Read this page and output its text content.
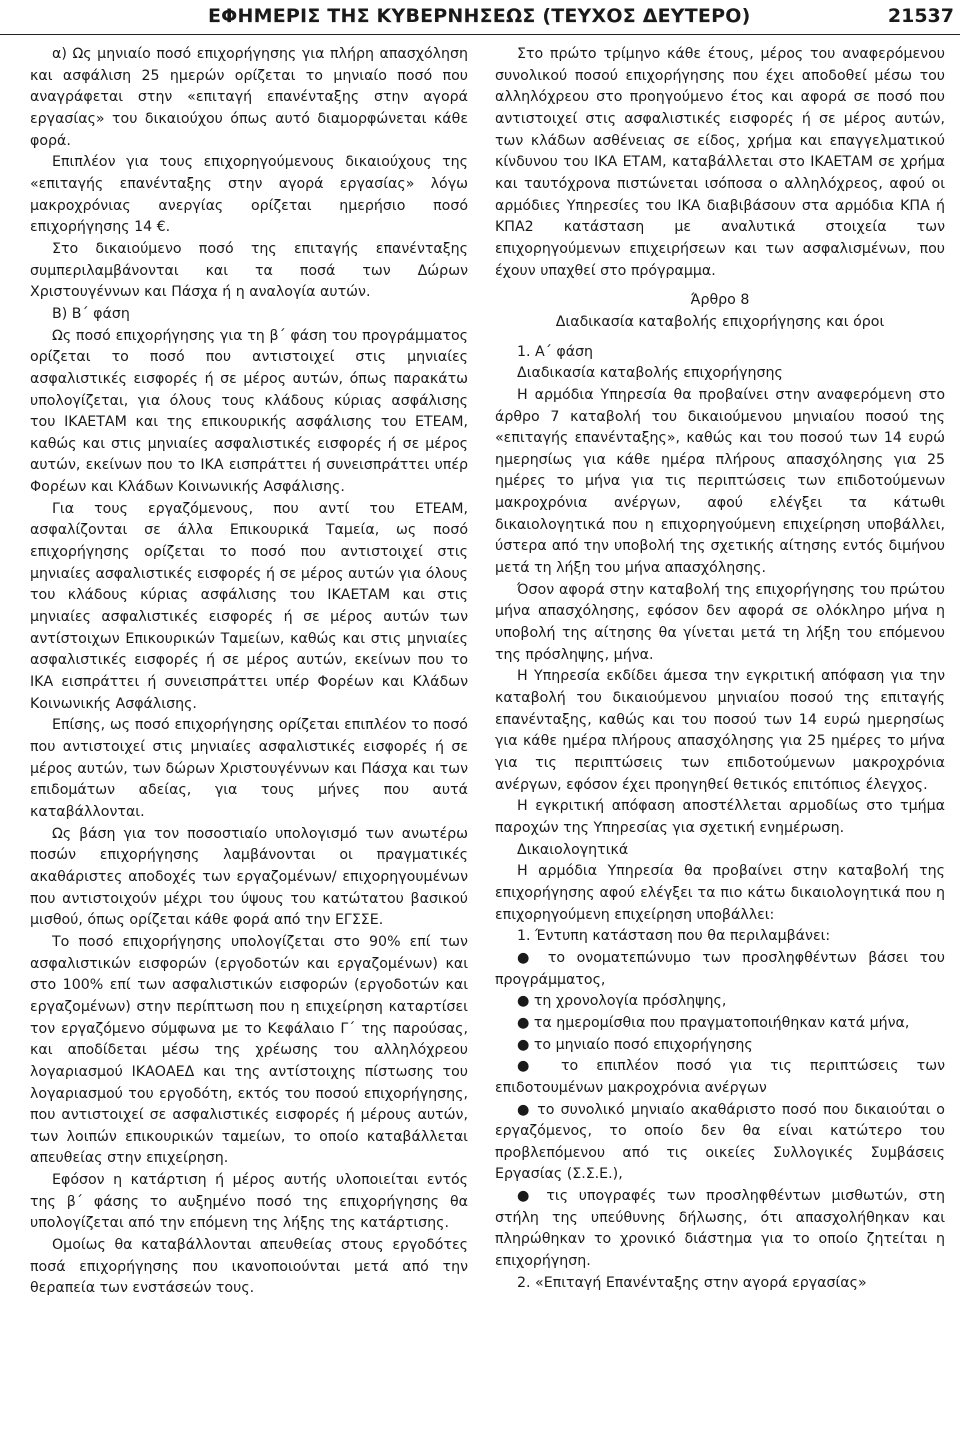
ΕΦΗΜΕΡΙΣ ΤΗΣ ΚΥΒΕΡΝΗΣΕΩΣ (ΤΕΥΧΟΣ ΔΕΥΤΕΡΟ)	21537

α) Ως μηνιαίο ποσό επιχορήγησης για πλήρη απασχόληση και ασφάλιση 25 ημερών ορίζεται το μηνιαίο ποσό που αναγράφεται στην «επιταγή επανένταξης στην αγορά εργασίας» του δικαιούχου όπως αυτό διαμορφώνεται κάθε φορά.

Επιπλέον για τους επιχορηγούμενους δικαιούχους της «επιταγής επανένταξης στην αγορά εργασίας» λόγω μακροχρόνιας ανεργίας ορίζεται ημερήσιο ποσό επιχορήγησης 14 €.

Στο δικαιούμενο ποσό της επιταγής επανένταξης συμπεριλαμβάνονται και τα ποσά των Δώρων Χριστουγέννων και Πάσχα ή η αναλογία αυτών.

Β) Β΄ φάση

Ως ποσό επιχορήγησης για τη β΄ φάση του προγράμματος ορίζεται το ποσό που αντιστοιχεί στις μηνιαίες ασφαλιστικές εισφορές ή σε μέρος αυτών, όπως παρακάτω υπολογίζεται, για όλους τους κλάδους κύριας ασφάλισης του ΙΚΑΕΤΑΜ και της επικουρικής ασφάλισης του ΕΤΕΑΜ, καθώς και στις μηνιαίες ασφαλιστικές εισφορές ή σε μέρος αυτών, εκείνων που το ΙΚΑ εισπράττει ή συνεισπράττει υπέρ Φορέων και Κλάδων Κοινωνικής Ασφάλισης.

Για τους εργαζόμενους, που αντί του ΕΤΕΑΜ, ασφαλίζονται σε άλλα Επικουρικά Ταμεία, ως ποσό επιχορήγησης ορίζεται το ποσό που αντιστοιχεί στις μηνιαίες ασφαλιστικές εισφορές ή σε μέρος αυτών για όλους του κλάδους κύριας ασφάλισης του ΙΚΑΕΤΑΜ και στις μηνιαίες ασφαλιστικές εισφορές ή σε μέρος αυτών των αντίστοιχων Επικουρικών Ταμείων, καθώς και στις μηνιαίες ασφαλιστικές εισφορές ή σε μέρος αυτών, εκείνων που το ΙΚΑ εισπράττει ή συνεισπράττει υπέρ Φορέων και Κλάδων Κοινωνικής Ασφάλισης.

Επίσης, ως ποσό επιχορήγησης ορίζεται επιπλέον το ποσό που αντιστοιχεί στις μηνιαίες ασφαλιστικές εισφορές ή σε μέρος αυτών, των δώρων Χριστουγέννων και Πάσχα και των επιδομάτων αδείας, για τους μήνες που αυτά καταβάλλονται.

Ως βάση για τον ποσοστιαίο υπολογισμό των ανωτέρω ποσών επιχορήγησης λαμβάνονται οι πραγματικές ακαθάριστες αποδοχές των εργαζομένων/ επιχορηγουμένων που αντιστοιχούν μέχρι του ύψους του κατώτατου βασικού μισθού, όπως ορίζεται κάθε φορά από την ΕΓΣΣΕ.

Το ποσό επιχορήγησης υπολογίζεται στο 90% επί των ασφαλιστικών εισφορών (εργοδοτών και εργαζομένων) και στο 100% επί των ασφαλιστικών εισφορών (εργοδοτών και εργαζομένων) στην περίπτωση που η επιχείρηση καταρτίσει τον εργαζόμενο σύμφωνα με το Κεφάλαιο Γ΄ της παρούσας, και αποδίδεται μέσω της χρέωσης του αλληλόχρεου λογαριασμού ΙΚΑΟΑΕΔ και της αντίστοιχης πίστωσης του λογαριασμού του εργοδότη, εκτός του ποσού επιχορήγησης, που αντιστοιχεί σε ασφαλιστικές εισφορές ή μέρους αυτών, των λοιπών επικουρικών ταμείων, το οποίο καταβάλλεται απευθείας στην επιχείρηση.

Εφόσον η κατάρτιση ή μέρος αυτής υλοποιείται εντός της β΄ φάσης το αυξημένο ποσό της επιχορήγησης θα υπολογίζεται από την επόμενη της λήξης της κατάρτισης.

Ομοίως θα καταβάλλονται απευθείας στους εργοδότες ποσά επιχορήγησης που ικανοποιούνται μετά από την θεραπεία των ενστάσεών τους.

Στο πρώτο τρίμηνο κάθε έτους, μέρος του αναφερόμενου συνολικού ποσού επιχορήγησης που έχει αποδοθεί μέσω του αλληλόχρεου στο προηγούμενο έτος και αφορά σε ποσό που αντιστοιχεί στις ασφαλιστικές εισφορές ή σε μέρος αυτών, των κλάδων ασθένειας σε είδος, χρήμα και επαγγελματικού κίνδυνου του ΙΚΑ ΕΤΑΜ, καταβάλλεται στο ΙΚΑΕΤΑΜ σε χρήμα και ταυτόχρονα πιστώνεται ισόποσα ο αλληλόχρεος, αφού οι αρμόδιες Υπηρεσίες του ΙΚΑ διαβιβάσουν στα αρμόδια ΚΠΑ ή ΚΠΑ2 κατάσταση με αναλυτικά στοιχεία των επιχορηγούμενων επιχειρήσεων και των ασφαλισμένων, που έχουν υπαχθεί στο πρόγραμμα.

Άρθρο 8

Διαδικασία καταβολής επιχορήγησης και όροι

1. Α΄ φάση

Διαδικασία καταβολής επιχορήγησης

Η αρμόδια Υπηρεσία θα προβαίνει στην αναφερόμενη στο άρθρο 7 καταβολή του δικαιούμενου μηνιαίου ποσού της «επιταγής επανένταξης», καθώς και του ποσού των 14 ευρώ ημερησίως για κάθε ημέρα πλήρους απασχόλησης για 25 ημέρες το μήνα για τις περιπτώσεις των επιδοτούμενων μακροχρόνια ανέργων, αφού ελέγξει τα κάτωθι δικαιολογητικά που η επιχορηγούμενη επιχείρηση υποβάλλει, ύστερα από την υποβολή της σχετικής αίτησης εντός διμήνου μετά τη λήξη του μήνα απασχόλησης.

Όσον αφορά στην καταβολή της επιχορήγησης του πρώτου μήνα απασχόλησης, εφόσον δεν αφορά σε ολόκληρο μήνα η υποβολή της αίτησης θα γίνεται μετά τη λήξη του επόμενου της πρόσληψης, μήνα.

Η Υπηρεσία εκδίδει άμεσα την εγκριτική απόφαση για την καταβολή του δικαιούμενου μηνιαίου ποσού της επιταγής επανένταξης, καθώς και του ποσού των 14 ευρώ ημερησίως για κάθε ημέρα πλήρους απασχόλησης για 25 ημέρες το μήνα για τις περιπτώσεις των επιδοτούμενων μακροχρόνια ανέργων, εφόσον έχει προηγηθεί θετικός επιτόπιος έλεγχος.

Η εγκριτική απόφαση αποστέλλεται αρμοδίως στο τμήμα παροχών της Υπηρεσίας για σχετική ενημέρωση.

Δικαιολογητικά

Η αρμόδια Υπηρεσία θα προβαίνει στην καταβολή της επιχορήγησης αφού ελέγξει τα πιο κάτω δικαιολογητικά που η επιχορηγούμενη επιχείρηση υποβάλλει:

1. Έντυπη κατάσταση που θα περιλαμβάνει:

● το ονοματεπώνυμο των προσληφθέντων βάσει του προγράμματος,

● τη χρονολογία πρόσληψης,

● τα ημερομίσθια που πραγματοποιήθηκαν κατά μήνα,

● το μηνιαίο ποσό επιχορήγησης

● το επιπλέον ποσό για τις περιπτώσεις των επιδοτουμένων μακροχρόνια ανέργων

● το συνολικό μηνιαίο ακαθάριστο ποσό που δικαιούται ο εργαζόμενος, το οποίο δεν θα είναι κατώτερο του προβλεπόμενου από τις οικείες Συλλογικές Συμβάσεις Εργασίας (Σ.Σ.Ε.),

● τις υπογραφές των προσληφθέντων μισθωτών, στη στήλη της υπεύθυνης δήλωσης, ότι απασχολήθηκαν και πληρώθηκαν το χρονικό διάστημα για το οποίο ζητείται η επιχορήγηση.

2. «Επιταγή Επανένταξης στην αγορά εργασίας»
